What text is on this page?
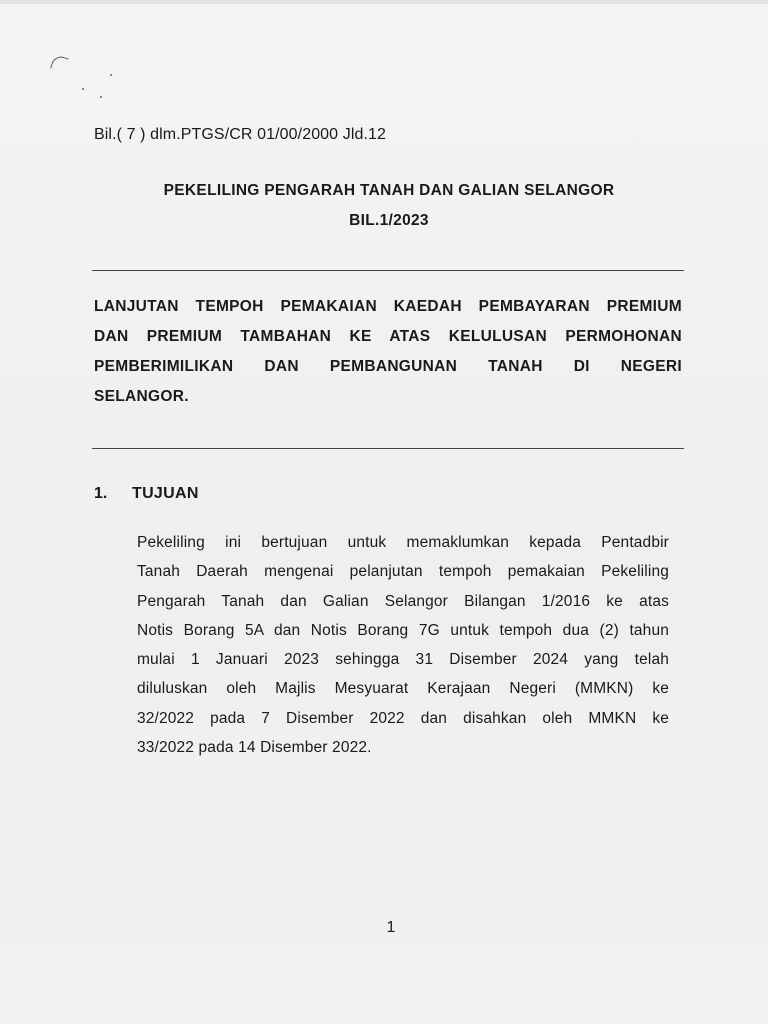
Bil.( 7 ) dlm.PTGS/CR 01/00/2000 Jld.12
PEKELILING PENGARAH TANAH DAN GALIAN SELANGOR
BIL.1/2023
LANJUTAN TEMPOH PEMAKAIAN KAEDAH PEMBAYARAN PREMIUM
DAN PREMIUM TAMBAHAN KE ATAS KELULUSAN PERMOHONAN
PEMBERIMILIKAN DAN PEMBANGUNAN TANAH DI NEGERI
SELANGOR.
1. TUJUAN
Pekeliling ini bertujuan untuk memaklumkan kepada Pentadbir
Tanah Daerah mengenai pelanjutan tempoh pemakaian Pekeliling
Pengarah Tanah dan Galian Selangor Bilangan 1/2016 ke atas
Notis Borang 5A dan Notis Borang 7G untuk tempoh dua (2) tahun
mulai 1 Januari 2023 sehingga 31 Disember 2024 yang telah
diluluskan oleh Majlis Mesyuarat Kerajaan Negeri (MMKN) ke
32/2022 pada 7 Disember 2022 dan disahkan oleh MMKN ke
33/2022 pada 14 Disember 2022.
1
